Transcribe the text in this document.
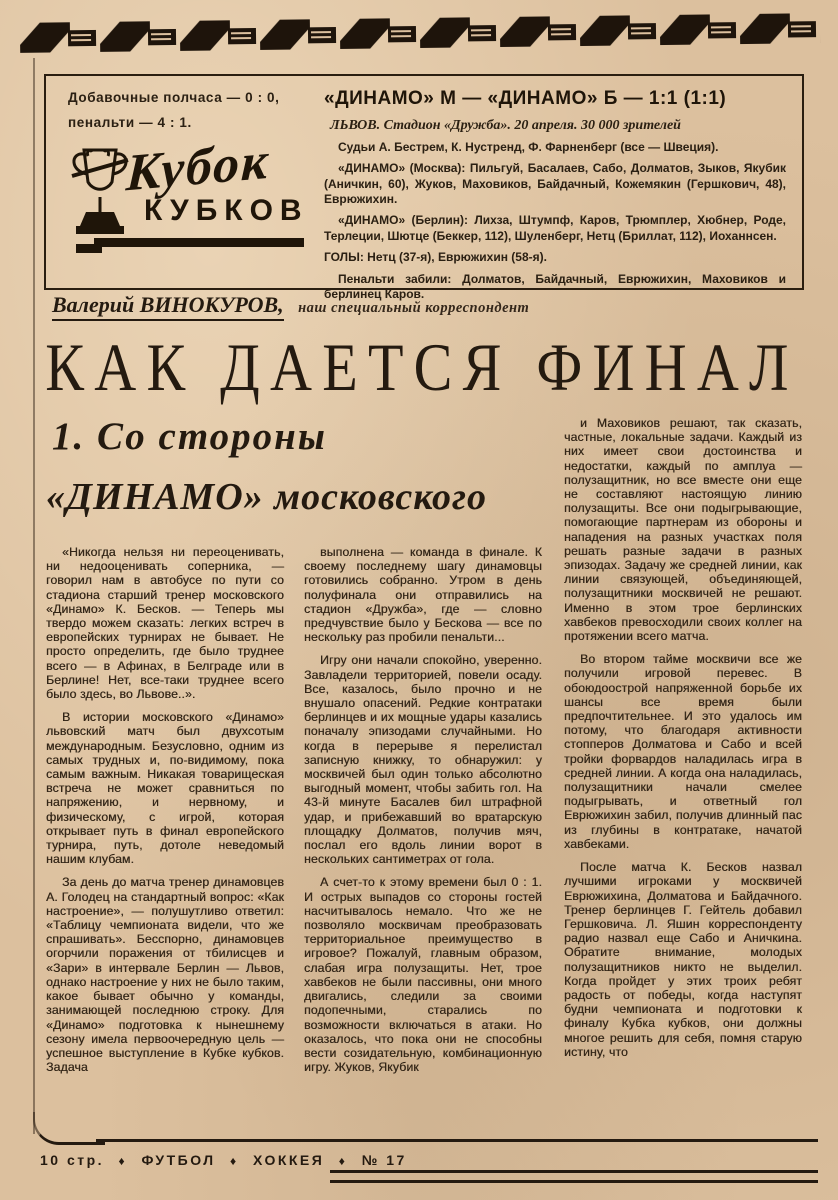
Добавочные полчаса — 0 : 0,

пенальти — 4 : 1.

Кубок
КУБКОВ
«ДИНАМО» М — «ДИНАМО» Б — 1:1 (1:1)
ЛЬВОВ. Стадион «Дружба». 20 апреля. 30 000 зрителей

Судьи А. Бестрем, К. Нустренд, Ф. Фарненберг (все — Швеция).

«ДИНАМО» (Москва): Пильгуй, Басалаев, Сабо, Долматов, Зыков, Якубик (Аничкин, 60), Жуков, Маховиков, Байдачный, Кожемякин (Гершкович, 48), Еврюжихин.

«ДИНАМО» (Берлин): Лихза, Штумпф, Каров, Трюмплер, Хюбнер, Роде, Терлеции, Шютце (Беккер, 112), Шуленберг, Нетц (Бриллат, 112), Иоханнсен.

ГОЛЫ: Нетц (37-я), Еврюжихин (58-я).

Пенальти забили: Долматов, Байдачный, Еврюжихин, Маховиков и берлинец Каров.

Валерий ВИНОКУРОВ, наш специальный корреспондент
КАК ДАЕТСЯ ФИНАЛ
1. Со стороны
«ДИНАМО» московского

«Никогда нельзя ни переоценивать, ни недооценивать соперника, — говорил нам в автобусе по пути со стадиона старший тренер московского «Динамо» К. Бесков. — Теперь мы твердо можем сказать: легких встреч в европейских турнирах не бывает. Не просто определить, где было труднее всего — в Афинах, в Белграде или в Берлине! Нет, все-таки труднее всего было здесь, во Львове..».

В истории московского «Динамо» львовский матч был двухсотым международным. Безусловно, одним из самых трудных и, по-видимому, пока самым важным. Никакая товарищеская встреча не может сравниться по напряжению, и нервному, и физическому, с игрой, которая открывает путь в финал европейского турнира, путь, дотоле неведомый нашим клубам.

За день до матча тренер динамовцев А. Голодец на стандартный вопрос: «Как настроение», — полушутливо ответил: «Таблицу чемпионата видели, что же спрашивать». Бесспорно, динамовцев огорчили поражения от тбилисцев и «Зари» в интервале Берлин — Львов, однако настроение у них не было таким, какое бывает обычно у команды, занимающей последнюю строку. Для «Динамо» подготовка к нынешнему сезону имела первоочередную цель — успешное выступление в Кубке кубков. Задача

выполнена — команда в финале. К своему последнему шагу динамовцы готовились собранно. Утром в день полуфинала они отправились на стадион «Дружба», где — словно предчувствие было у Бескова — все по нескольку раз пробили пенальти...

Игру они начали спокойно, уверенно. Завладели территорией, повели осаду. Все, казалось, было прочно и не внушало опасений. Редкие контратаки берлинцев и их мощные удары казались поначалу эпизодами случайными. Но когда в перерыве я перелистал записную книжку, то обнаружил: у москвичей был один только абсолютно выгодный момент, чтобы забить гол. На 43-й минуте Басалев бил штрафной удар, и прибежавший во вратарскую площадку Долматов, получив мяч, послал его вдоль линии ворот в нескольких сантиметрах от гола.

А счет-то к этому времени был 0 : 1. И острых выпадов со стороны гостей насчитывалось немало. Что же не позволяло москвичам преобразовать территориальное преимущество в игровое? Пожалуй, главным образом, слабая игра полузащиты. Нет, трое хавбеков не были пассивны, они много двигались, следили за своими подопечными, старались по возможности включаться в атаки. Но оказалось, что пока они не способны вести созидательную, комбинационную игру. Жуков, Якубик

и Маховиков решают, так сказать, частные, локальные задачи. Каждый из них имеет свои достоинства и недостатки, каждый по амплуа — полузащитник, но все вместе они еще не составляют настоящую линию полузащиты. Все они подыгрывающие, помогающие партнерам из обороны и нападения на разных участках поля решать разные задачи в разных эпизодах. Задачу же средней линии, как линии связующей, объединяющей, полузащитники москвичей не решают. Именно в этом трое берлинских хавбеков превосходили своих коллег на протяжении всего матча.

Во втором тайме москвичи все же получили игровой перевес. В обоюдоострой напряженной борьбе их шансы все время были предпочтительнее. И это удалось им потому, что благодаря активности стопперов Долматова и Сабо и всей тройки форвардов наладилась игра в средней линии. А когда она наладилась, полузащитники начали смелее подыгрывать, и ответный гол Еврюжихин забил, получив длинный пас из глубины в контратаке, начатой хавбеками.

После матча К. Бесков назвал лучшими игроками у москвичей Еврюжихина, Долматова и Байдачного. Тренер берлинцев Г. Гейтель добавил Гершковича. Л. Яшин корреспонденту радио назвал еще Сабо и Аничкина. Обратите внимание, молодых полузащитников никто не выделил. Когда пройдет у этих троих ребят радость от победы, когда наступят будни чемпионата и подготовки к финалу Кубка кубков, они должны многое решить для себя, помня старую истину, что

10 стр. ♦ ФУТБОЛ ♦ ХОККЕЯ ♦ № 17
